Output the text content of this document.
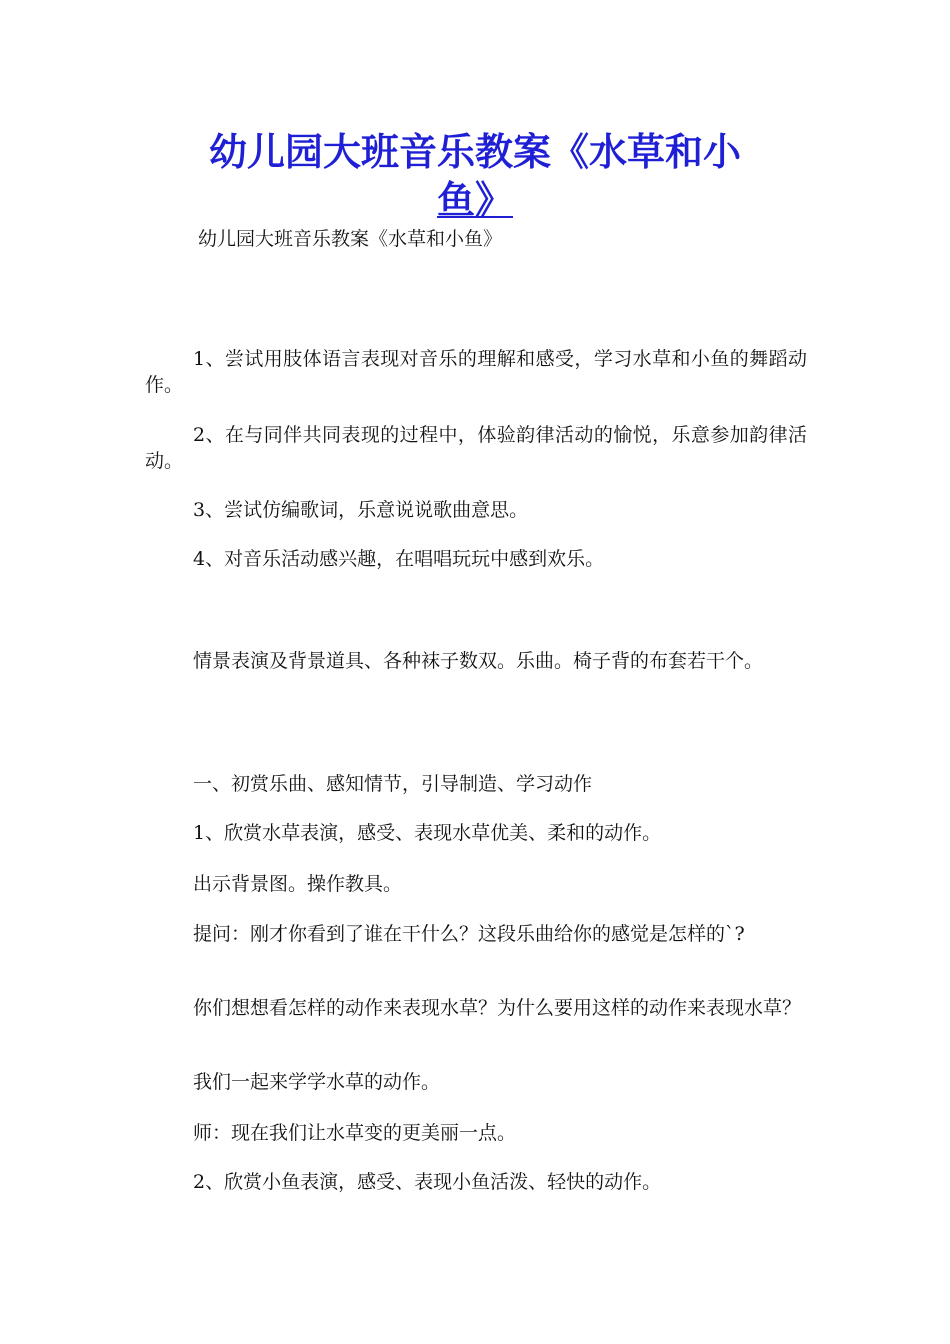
幼儿园大班音乐教案《水草和小
鱼》
幼儿园大班音乐教案《水草和小鱼》

1、尝试用肢体语言表现对音乐的理解和感受，学习水草和小鱼的舞蹈动作。

2、在与同伴共同表现的过程中，体验韵律活动的愉悦，乐意参加韵律活动。

3、尝试仿编歌词，乐意说说歌曲意思。

4、对音乐活动感兴趣，在唱唱玩玩中感到欢乐。

情景表演及背景道具、各种袜子数双。乐曲。椅子背的布套若干个。

一、初赏乐曲、感知情节，引导制造、学习动作

1、欣赏水草表演，感受、表现水草优美、柔和的动作。

出示背景图。操作教具。

提问：刚才你看到了谁在干什么？这段乐曲给你的感觉是怎样的`?

你们想想看怎样的动作来表现水草？为什么要用这样的动作来表现水草？

我们一起来学学水草的动作。

师：现在我们让水草变的更美丽一点。

2、欣赏小鱼表演，感受、表现小鱼活泼、轻快的动作。
